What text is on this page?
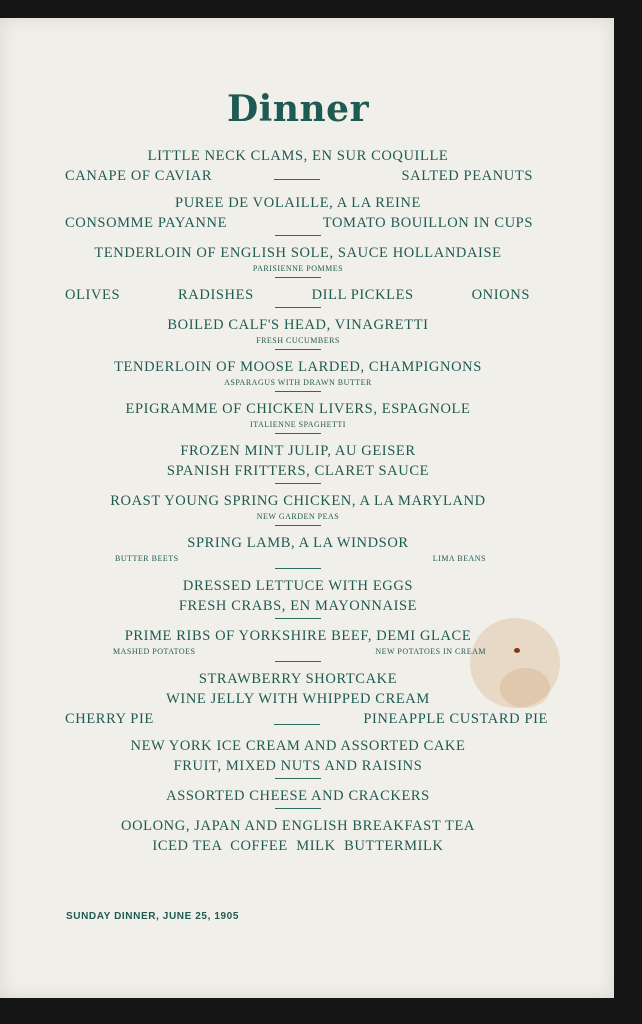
Dinner
LITTLE NECK CLAMS, EN SUR COQUILLE
CANAPE OF CAVIAR	SALTED PEANUTS
PUREE DE VOLAILLE, A LA REINE
CONSOMME PAYANNE	TOMATO BOUILLON IN CUPS
TENDERLOIN OF ENGLISH SOLE, SAUCE HOLLANDAISE
PARISIENNE POMMES
OLIVES	RADISHES	DILL PICKLES	ONIONS
BOILED CALF'S HEAD, VINAGRETTI
FRESH CUCUMBERS
TENDERLOIN OF MOOSE LARDED, CHAMPIGNONS
ASPARAGUS WITH DRAWN BUTTER
EPIGRAMME OF CHICKEN LIVERS, ESPAGNOLE
ITALIENNE SPAGHETTI
FROZEN MINT JULIP, AU GEISER
SPANISH FRITTERS, CLARET SAUCE
ROAST YOUNG SPRING CHICKEN, A LA MARYLAND
NEW GARDEN PEAS
SPRING LAMB, A LA WINDSOR
BUTTER BEETS	LIMA BEANS
DRESSED LETTUCE WITH EGGS
FRESH CRABS, EN MAYONNAISE
PRIME RIBS OF YORKSHIRE BEEF, DEMI GLACE
MASHED POTATOES	NEW POTATOES IN CREAM
STRAWBERRY SHORTCAKE
WINE JELLY WITH WHIPPED CREAM
CHERRY PIE	PINEAPPLE CUSTARD PIE
NEW YORK ICE CREAM AND ASSORTED CAKE
FRUIT, MIXED NUTS AND RAISINS
ASSORTED CHEESE AND CRACKERS
OOLONG, JAPAN AND ENGLISH BREAKFAST TEA
ICED TEA  COFFEE  MILK  BUTTERMILK
SUNDAY DINNER, JUNE 25, 1905
